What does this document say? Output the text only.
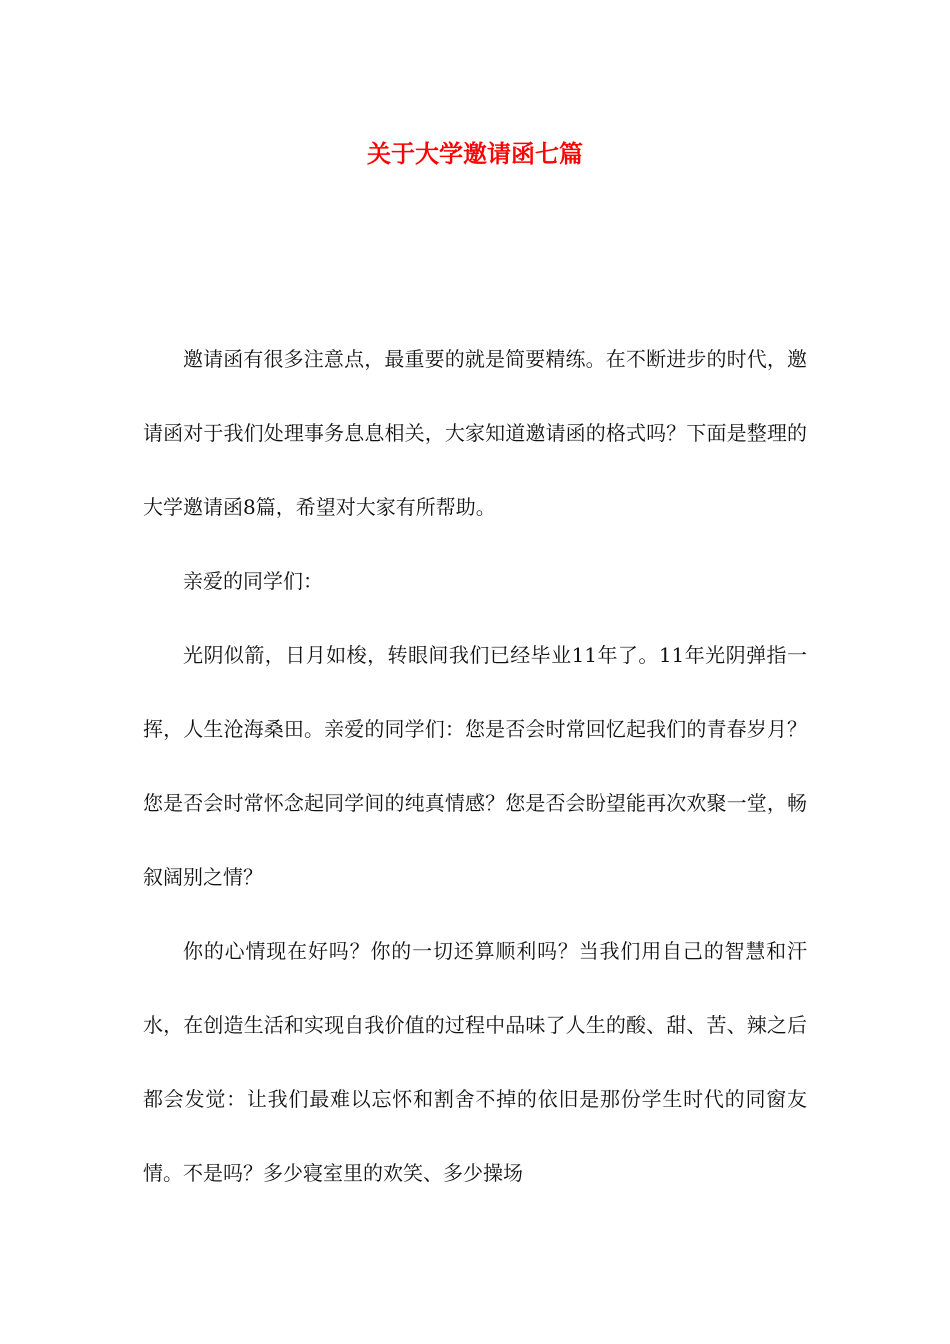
关于大学邀请函七篇

邀请函有很多注意点，最重要的就是简要精练。在不断进步的时代，邀请函对于我们处理事务息息相关，大家知道邀请函的格式吗？下面是整理的大学邀请函8篇，希望对大家有所帮助。

亲爱的同学们：

光阴似箭，日月如梭，转眼间我们已经毕业11年了。11年光阴弹指一挥，人生沧海桑田。亲爱的同学们：您是否会时常回忆起我们的青春岁月？您是否会时常怀念起同学间的纯真情感？您是否会盼望能再次欢聚一堂，畅叙阔别之情？

你的心情现在好吗？你的一切还算顺利吗？当我们用自己的智慧和汗水，在创造生活和实现自我价值的过程中品味了人生的酸、甜、苦、辣之后都会发觉：让我们最难以忘怀和割舍不掉的依旧是那份学生时代的同窗友情。不是吗？多少寝室里的欢笑、多少操场
